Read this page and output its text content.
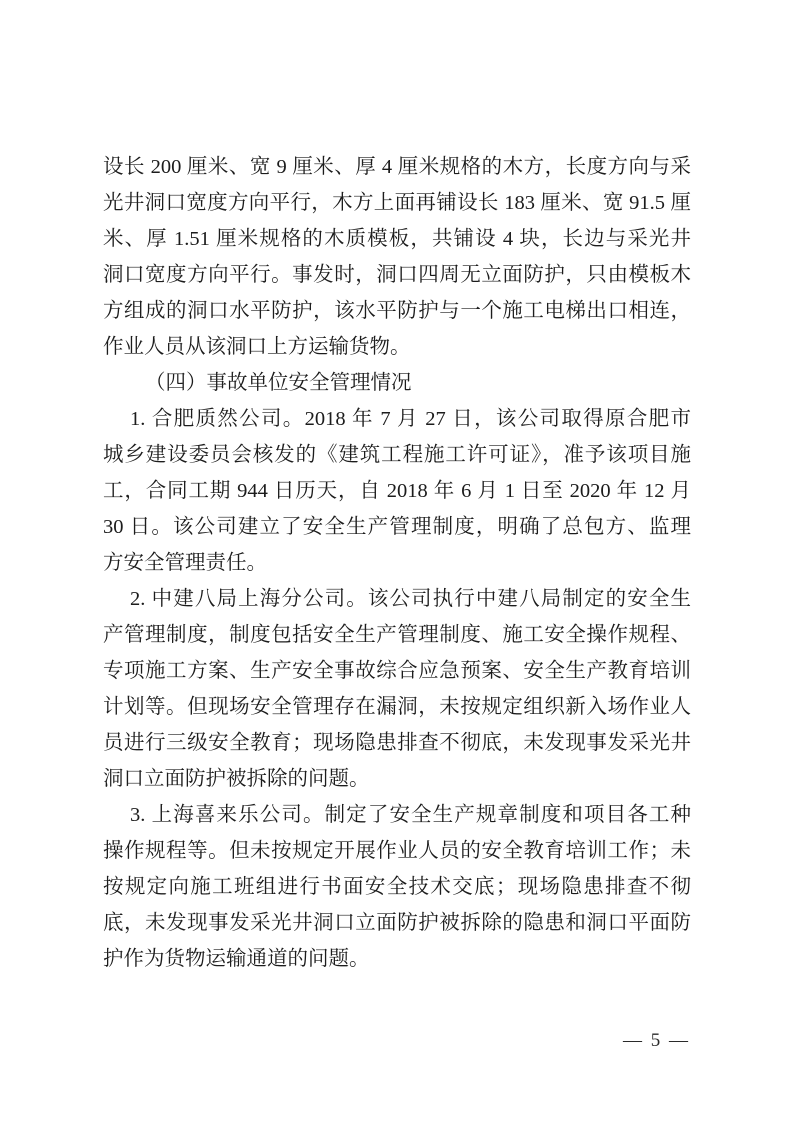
设长 200 厘米、宽 9 厘米、厚 4 厘米规格的木方，长度方向与采
光井洞口宽度方向平行，木方上面再铺设长 183 厘米、宽 91.5 厘
米、厚 1.51 厘米规格的木质模板，共铺设 4 块，长边与采光井
洞口宽度方向平行。事发时，洞口四周无立面防护，只由模板木
方组成的洞口水平防护，该水平防护与一个施工电梯出口相连，
作业人员从该洞口上方运输货物。
（四）事故单位安全管理情况
1. 合肥质然公司。2018 年 7 月 27 日，该公司取得原合肥市
城乡建设委员会核发的《建筑工程施工许可证》，准予该项目施
工，合同工期 944 日历天，自 2018 年 6 月 1 日至 2020 年 12 月
30 日。该公司建立了安全生产管理制度，明确了总包方、监理
方安全管理责任。
2. 中建八局上海分公司。该公司执行中建八局制定的安全生
产管理制度，制度包括安全生产管理制度、施工安全操作规程、
专项施工方案、生产安全事故综合应急预案、安全生产教育培训
计划等。但现场安全管理存在漏洞，未按规定组织新入场作业人
员进行三级安全教育；现场隐患排查不彻底，未发现事发采光井
洞口立面防护被拆除的问题。
3. 上海喜来乐公司。制定了安全生产规章制度和项目各工种
操作规程等。但未按规定开展作业人员的安全教育培训工作；未
按规定向施工班组进行书面安全技术交底；现场隐患排查不彻
底，未发现事发采光井洞口立面防护被拆除的隐患和洞口平面防
护作为货物运输通道的问题。
— 5 —
